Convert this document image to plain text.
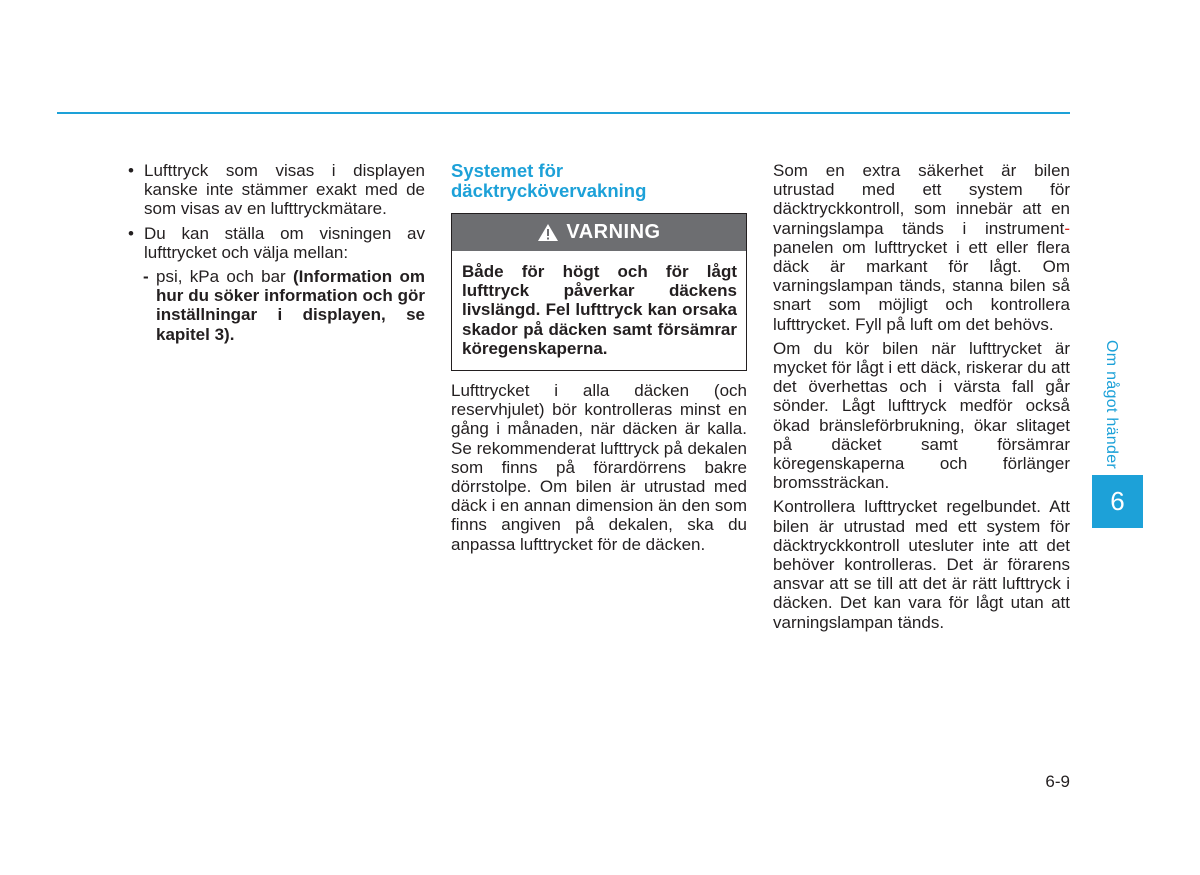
• Lufttryck som visas i displayen kanske inte stämmer exakt med de som visas av en lufttryckmätare.
• Du kan ställa om visningen av lufttrycket och välja mellan:
- psi, kPa och bar (Information om hur du söker information och gör inställningar i displayen, se kapitel 3).
Systemet för däcktryckövervakning
VARNING
Både för högt och för lågt lufttryck påverkar däckens livslängd. Fel lufttryck kan orsaka skador på däcken samt försämrar köregenskaperna.
Lufttrycket i alla däcken (och reservhjulet) bör kontrolleras minst en gång i månaden, när däcken är kalla. Se rekommenderat lufttryck på dekalen som finns på förardörrens bakre dörrstolpe. Om bilen är utrustad med däck i en annan dimension än den som finns angiven på dekalen, ska du anpassa lufttrycket för de däcken.
Som en extra säkerhet är bilen utrustad med ett system för däcktryckkontroll, som innebär att en varningslampa tänds i instrument-panelen om lufttrycket i ett eller flera däck är markant för lågt. Om varningslampan tänds, stanna bilen så snart som möjligt och kontrollera lufttrycket. Fyll på luft om det behövs.
Om du kör bilen när lufttrycket är mycket för lågt i ett däck, riskerar du att det överhettas och i värsta fall går sönder. Lågt lufttryck medför också ökad bränsleförbrukning, ökar slitaget på däcket samt försämrar köregenskaperna och förlänger bromssträckan.
Kontrollera lufttrycket regelbundet. Att bilen är utrustad med ett system för däcktryckkontroll utesluter inte att det behöver kontrolleras. Det är förarens ansvar att se till att det är rätt lufttryck i däcken. Det kan vara för lågt utan att varningslampan tänds.
Om något händer
6
6-9
